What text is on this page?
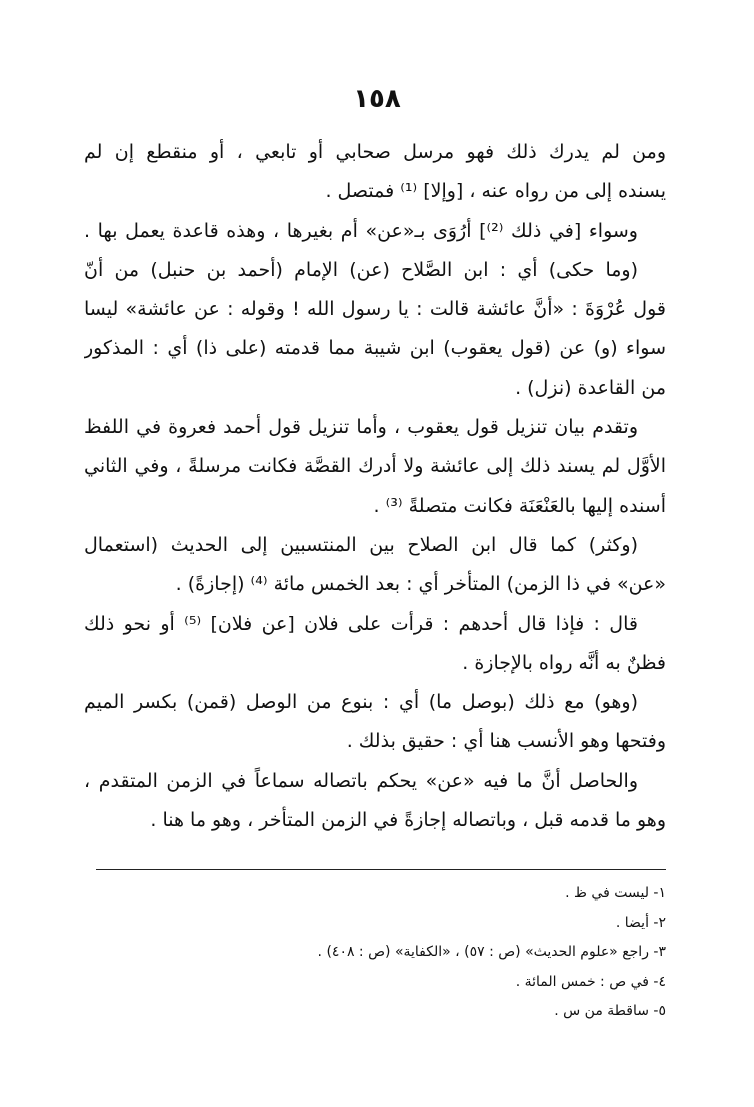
١٥٨
ومن لم يدرك ذلك فهو مرسل صحابي أو تابعي ، أو منقطع إن لم
يسنده إلى من رواه عنه ، [وإلا] ⁽¹⁾ فمتصل .
وسواء [في ذلك ⁽²⁾] أرُوَى بـ«عن» أم بغيرها ، وهذه قاعدة يعمل بها .
(وما حكى) أي : ابن الصَّلاح (عن) الإمام (أحمد بن حنبل) من أنّ
قول عُرْوَةَ : «أنَّ عائشة قالت : يا رسول الله ! وقوله : عن عائشة» ليسا
سواء (و) عن (قول يعقوب) ابن شيبة مما قدمته (على ذا) أي : المذكور
من القاعدة (نزل) .
وتقدم بيان تنزيل قول يعقوب ، وأما تنزيل قول أحمد فعروة في اللفظ
الأوَّل لم يسند ذلك إلى عائشة ولا أدرك القصَّة فكانت مرسلةً ، وفي الثاني
أسنده إليها بالعَنْعَنَة فكانت متصلةً ⁽³⁾ .
(وكثر) كما قال ابن الصلاح بين المنتسبين إلى الحديث (استعمال
«عن» في ذا الزمن) المتأخر أي : بعد الخمس مائة ⁽⁴⁾ (إجازةً) .
قال : فإذا قال أحدهم : قرأت على فلان [عن فلان] ⁽⁵⁾ أو نحو ذلك
فظنٌ به أنَّه رواه بالإجازة .
(وهو) مع ذلك (بوصل ما) أي : بنوع من الوصل (قمن) بكسر الميم
وفتحها وهو الأنسب هنا أي : حقيق بذلك .
والحاصل أنَّ ما فيه «عن» يحكم باتصاله سماعاً في الزمن المتقدم ،
وهو ما قدمه قبل ، وباتصاله إجازةً في الزمن المتأخر ، وهو ما هنا .
١- ليست في ظ .
٢- أيضا .
٣- راجع «علوم الحديث» (ص : ٥٧) ، «الكفاية» (ص : ٤٠٨) .
٤- في ص : خمس المائة .
٥- ساقطة من س .
